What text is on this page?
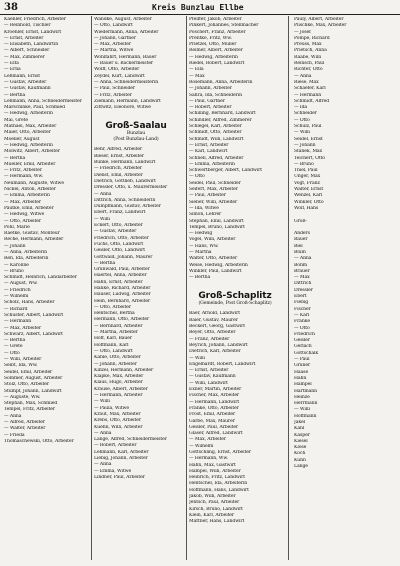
38	Kreis Bunzlau Ellbe
Kaehler, Friedrich, Arbeiter
— Reinhold, Tischler
Kroehler, Ernst, Landwirt
— Ernst, Arbeiter
— Elisabeth, Landwirtin
— Albert, Schneider
— Max, Zimmerer
— Elfa
— Erna
Lehmann, Ernst
— Gustav, Arbeiter
— Gustav, Kaufmann
— Bertha
Lehmann, Anna, Schneidermeister
Marschinke, Paul, Schmied
— Hedwig, Arbeiterin
Mai, Grete
Mathaei, Max, Arbeiter
Maier, Otto, Arbeiter
Moeller, August
— Hedwig, Arbeiterin
Molwitz, Albert, Arbeiter
— Bertha
Mueller, Emil, Arbeiter
— Fritz, Arbeiter
— Hermann, Ww.
Neumann, Auguste, Witwe
Nickel, Anton, Arbeiter
— Emma, Arbeiterin
— Max, Arbeiter
Pautke, Emil, Arbeiter
— Hedwig, Witwe
— Otto, Arbeiter
Pohl, Marie
Raetke, Gustav, Monteur
Reche, Hermann, Arbeiter
— Johann
— Anna, Arbeiterin
Reh, Ida, Arbeiterin
— Karoline
— Bruno
Schmidt, Heinrich, Landarbeiter
— August, Ww.
— Friedrich
— Wilhelm
Scholz, Hans, Arbeiter
— Richard
Schuster, Albert, Landwirt
— Hermann
— Max, Arbeiter
Schwarz, Albert, Landwirt
— Bertha
— Grete
— Otto
— Willi, Arbeiter
Seibt, Ida, Ww.
Seidel, Emil, Arbeiter
Sommer, August, Arbeiter
Stolz, Otto, Arbeiter
Stumpf, Johann, Landwirt
— Auguste, Ww.
Stephan, Max, Schmied
Tempel, Fritz, Arbeiter
— Anna
— Alfred, Arbeiter
— Walter, Arbeiter
— Frieda
Thomaschewski, Otto, Arbeiter
Wandke, August, Arbeiter
— Otto, Landwirt
Wiedermann, Anna, Arbeiter
— Johann, Gärtner
— Max, Arbeiter
— Martha, Witwe
Wohlfahrt, Hermann, Bauer
— Bauer u. Bäckermeister
Wolff, Otto, Arbeiter
Zeydel, Kurt, Landwirt
— Anna, Schneidermeisterin
— Paul, Schneider
— Fritz, Arbeiter
Ziemann, Hermann, Landwirt
Zittwitz, Eleonore, Witwe
Groß-Saalau
Bunzlau
(Post Bunzlau-Land)
Behr, Alfred, Arbeiter
Bieser, Ernst, Arbeiter
Bunke, Hermann, Landwirt
— Friedrich, Arbeiter
Dienst, Emil, Arbeiter
Dietrich, Gottlieb, Landwirt
Dressler, Otto, u. Maurermeister
— Anna
Dittrich, Anna, Schneiderin
Dumpfmann, Gustav, Arbeiter
Ebert, Franz, Landwirt
— Willi
Eckert, Otto, Arbeiter
— Gustav, Arbeiter
Friedrich, Otto, Arbeiter
Fuchs, Otto, Landwirt
Geisler, Otto, Landwirt
Gottwald, Johann, Maurer
— Bertha
Grunwald, Paul, Arbeiter
Haertel, Anna, Arbeiter
Hahn, Ernst, Arbeiter
Hanke, Richard, Arbeiter
Hauser, Ludwig, Arbeiter
Hein, Bernhard, Arbeiter
— Otto, Arbeiter
Hentschel, Bertha
Hermann, Otto, Arbeiter
— Bernhard, Arbeiter
— Martha, Arbeiter
Hoff, Karl, Bauer
Hoffmann, Karl
— Otto, Landwirt
Kahle, Otto, Arbeiter
— Johann, Arbeiter
Kinzel, Hermann, Arbeiter
Klapke, Max, Arbeiter
Klaus, Hugo, Arbeiter
Krause, Albert, Arbeiter
— Hermann, Arbeiter
— Willi
— Paula, Witwe
Kraut, Max, Arbeiter
Krebs, Otto, Arbeiter
Kuehn, Willi, Arbeiter
— Anna
Lange, Alfred, Schneidermeister
— Robert, Arbeiter
Lehmann, Karl, Arbeiter
Liebig, Johann, Arbeiter
— Anna
— Emma, Witwe
Lindner, Paul, Arbeiter
Pfeiffer, Jakob, Arbeiter
Pinkert, Johannes, Stellmacher
Poschert, Franz, Arbeiter
Prentke, Fritz, Ww.
Prietzel, Otto, Müller
Reimer, Albert, Arbeiter
— Hedwig, Arbeiterin
Riedel, Robert, Landwirt
— Ella
— Max
Rosemann, Anna, Arbeiterin
— Johann, Arbeiter
Sahra, Ida, Schneiderin
— Paul, Gärtner
— Robert, Arbeiter
Schilling, Bernhard, Landwirt
Schindler, Alfred, Zimmerer
Schlegel, Karl, Arbeiter
Schmidt, Otto, Arbeiter
Schmidt, Willi, Landwirt
— Ernst, Arbeiter
— Karl, Landwirt
Schnell, Alfred, Arbeiter
— Emma, Arbeiterin
Schwertberger, Albert, Landwirt
— Otto
Seidel, Paul, Schneider
Seifert, Max, Arbeiter
— Paul, Arbeiter
Sieber, Willi, Arbeiter
— Ida, Witwe
Simon, Lehrer
Stephan, Emil, Landwirt
Tempel, Bruno, Landwirt
— Hedwig
Vogel, Willi, Arbeiter
— Hans, Ww.
— Martha
Walter, Otto, Arbeiter
Weise, Hedwig, Arbeiterin
Winkler, Paul, Landwirt
— Bertha
Groß-Schaplitz
(Gemeinde, Post Groß-Schaplitz)
Baer, Arnold, Landwirt
Baier, Gustav, Maurer
Beckert, Georg, Gastwirt
Beyer, Otto, Arbeiter
— Franz, Arbeiter
Beyrich, Johann, Landwirt
Dietrich, Karl, Arbeiter
— Willi
Engelhardt, Robert, Landwirt
— Ernst, Arbeiter
— Gustav, Kaufmann
— Willi, Landwirt
Exner, Martin, Arbeiter
Fischer, Max, Arbeiter
— Hermann, Landwirt
Franke, Otto, Arbeiter
Frost, Emil, Arbeiter
Garbe, Max, Maurer
Geisler, Paul, Arbeiter
Glaser, Alfred, Landwirt
— Max, Arbeiter
— Wilhelm
Gottschling, Ernst, Arbeiter
— Hermann, Ww.
Hahn, Max, Gastwirt
Hampel, Willi, Arbeiter
Heinrich, Fritz, Landwirt
Hentschel, Ida, Arbeiterin
Hoffmann, Hans, Landwirt
Jakob, Willi, Arbeiter
Jentsch, Paul, Arbeiter
Kirsch, Bruno, Landwirt
Klein, Karl, Arbeiter
Mattner, Hans, Landwirt
Pauly, Albert, Arbeiter
Plischke, Max, Arbeiter
— Josef
Pompe, Richard
Preuss, Max
Prietsch, Anna
Raabe, Willi
Reinsch, Paul
Richter, Otto
— Anna
Riese, Max
Schaefer, Karl
— Hermann
Schmidt, Alfred
— Ida
Schneider
— Otto
Schulz, Paul
— Willi
Seidel, Ernst
— Johann
Stanek, Max
Teichert, Otto
— Bruno
Thiel, Paul
Unger, Max
Vogt, Franz
Walter, Ernst
Wenzel, Karl
Winkler, Otto
Wolf, Hans

Groß-

Anders
Bauer
Biel
Blum
— Anna
Bohm
Bräuer
— Max
Dittrich
Dressler
Ebert
Fiebig
Fischer
— Karl
Franke
— Otto
Friedrich
Geisler
Gerlach
Gottschalk
— Paul
Gruner
Haase
Hahn
Hampel
Hartmann
Heinze
Herrmann
— Willi
Hoffmann
Jäkel
Kahl
Kasper
Kiesel
Klose
Koch
Kühn
Lange
